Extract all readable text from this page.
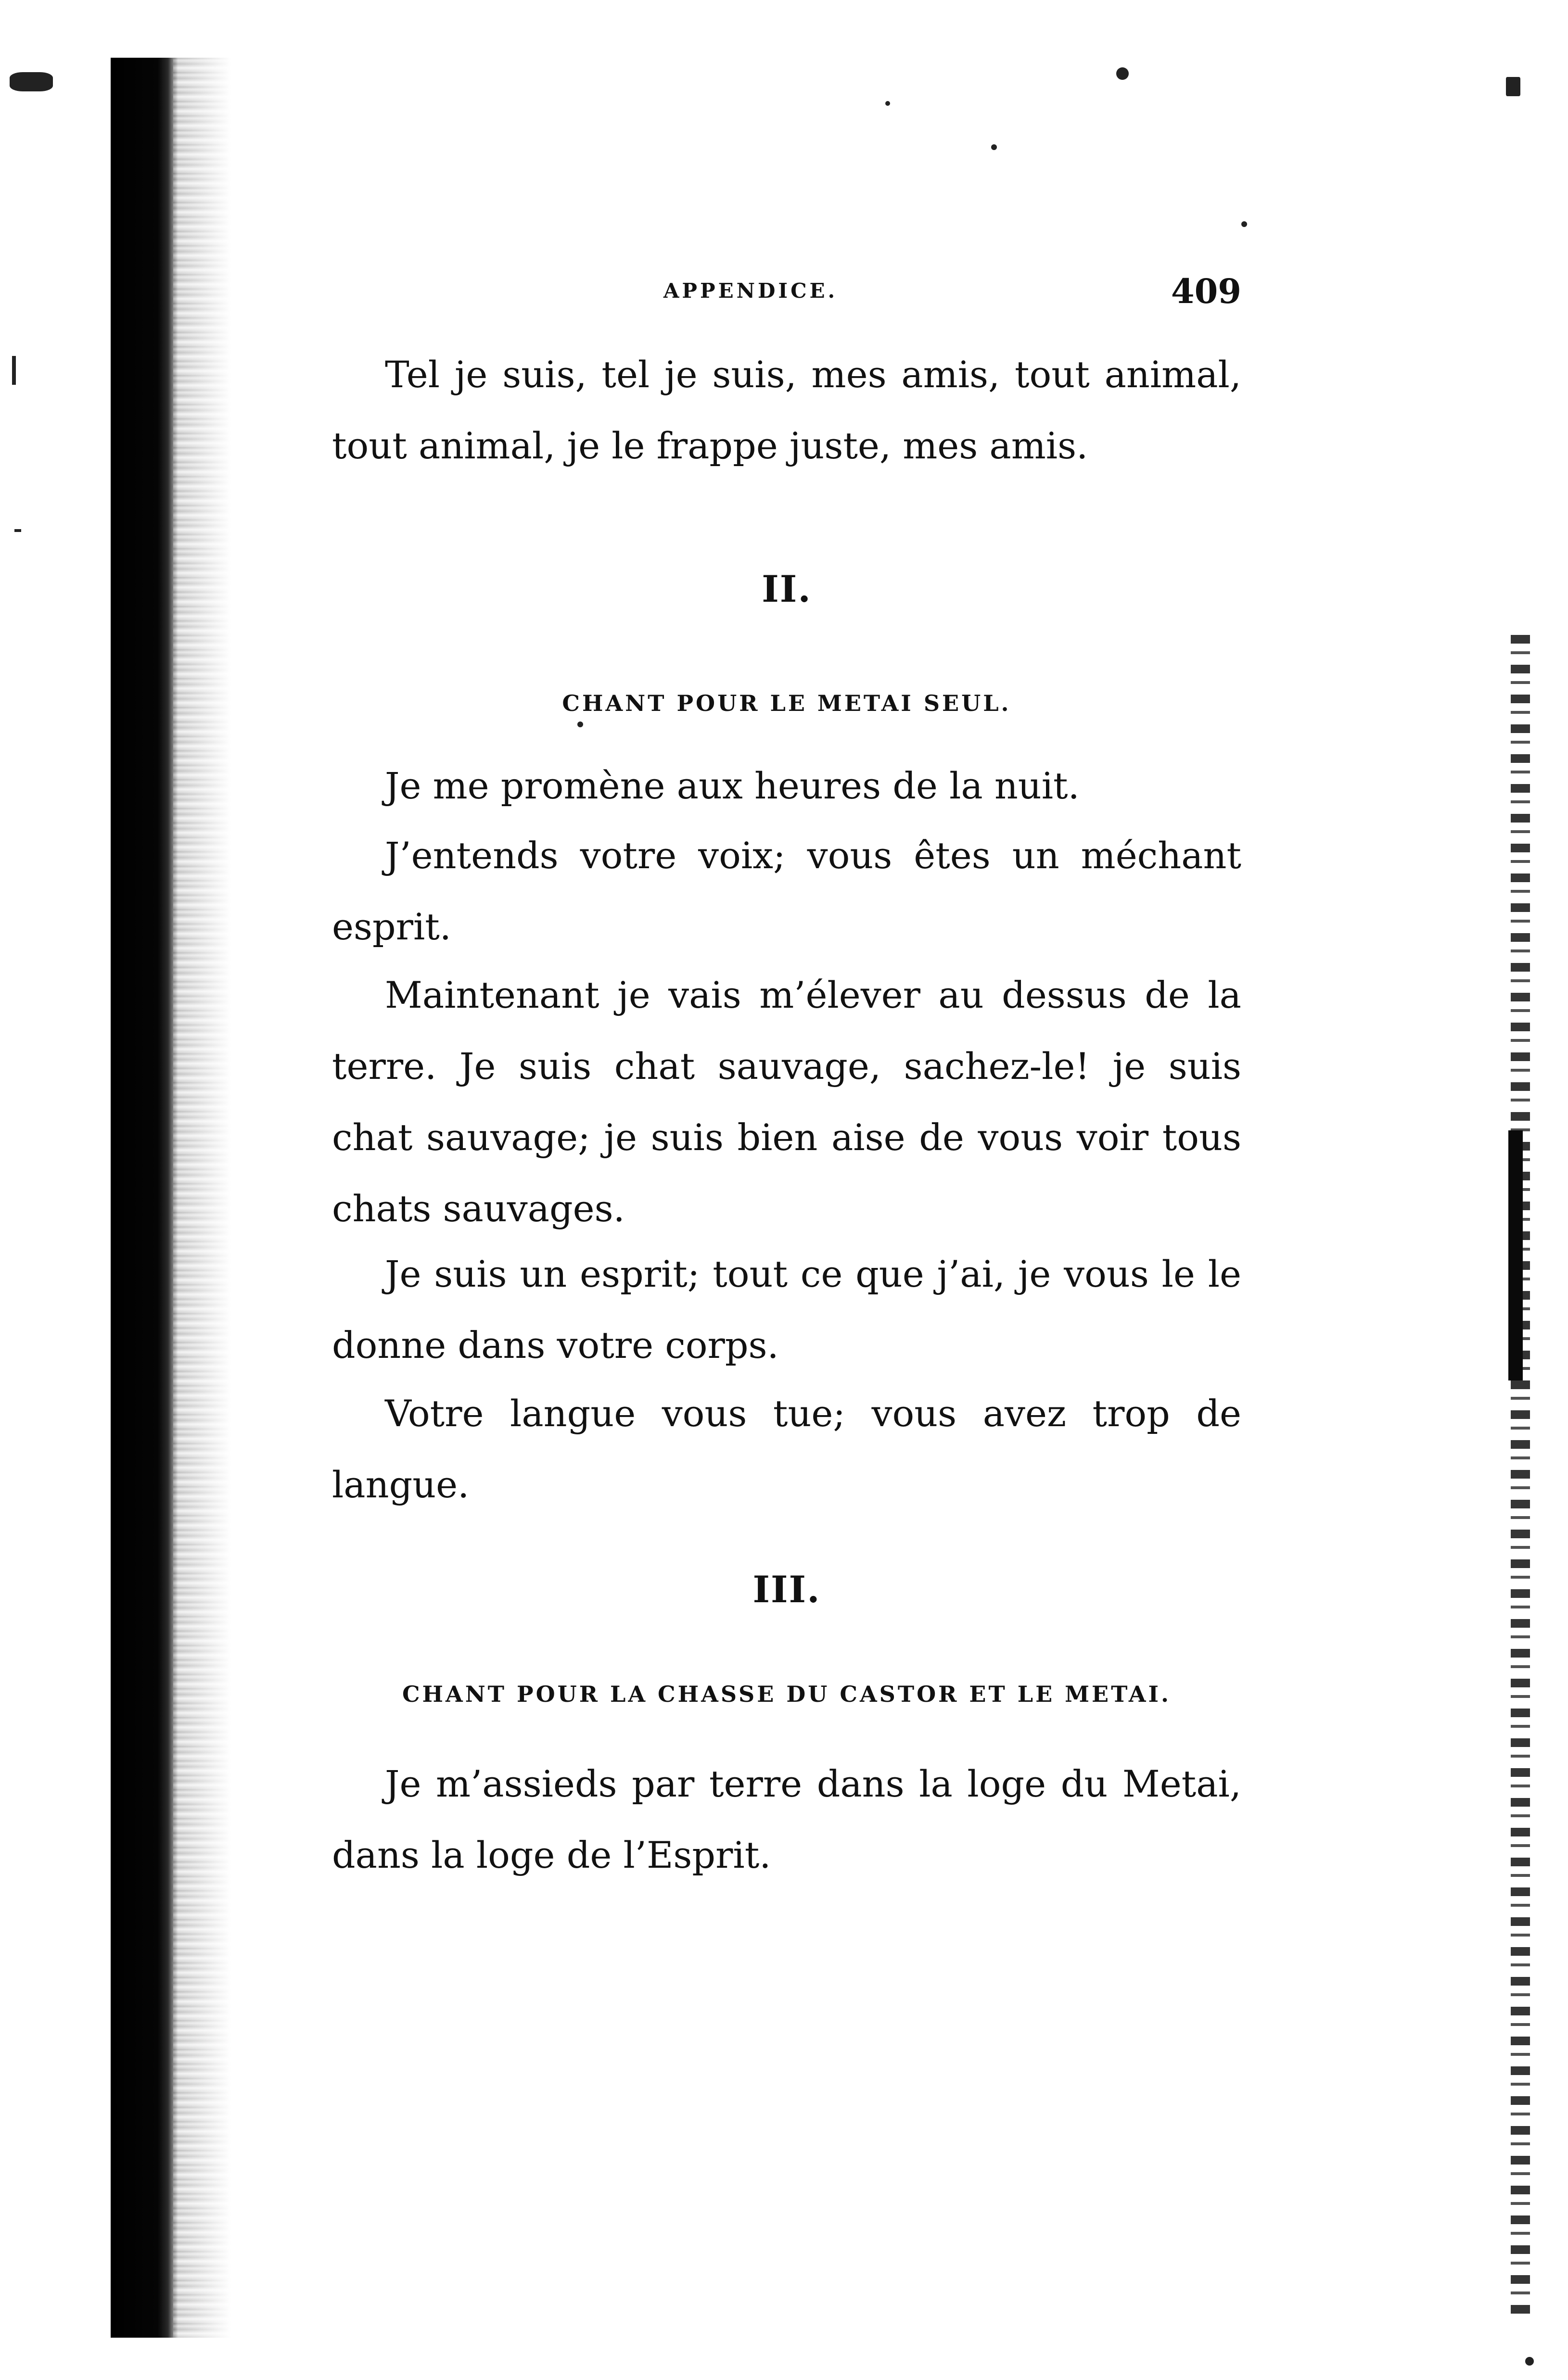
APPENDICE.	409

Tel je suis, tel je suis, mes amis, tout animal, tout animal, je le frappe juste, mes amis.

II.
CHANT POUR LE METAI SEUL.

Je me promène aux heures de la nuit.

J’entends votre voix; vous êtes un méchant esprit.

Maintenant je vais m’élever au dessus de la terre. Je suis chat sauvage, sachez-le! je suis chat sauvage; je suis bien aise de vous voir tous chats sauvages.

Je suis un esprit; tout ce que j’ai, je vous le le donne dans votre corps.

Votre langue vous tue; vous avez trop de langue.

III.
CHANT POUR LA CHASSE DU CASTOR ET LE METAI.

Je m’assieds par terre dans la loge du Metai, dans la loge de l’Esprit.
